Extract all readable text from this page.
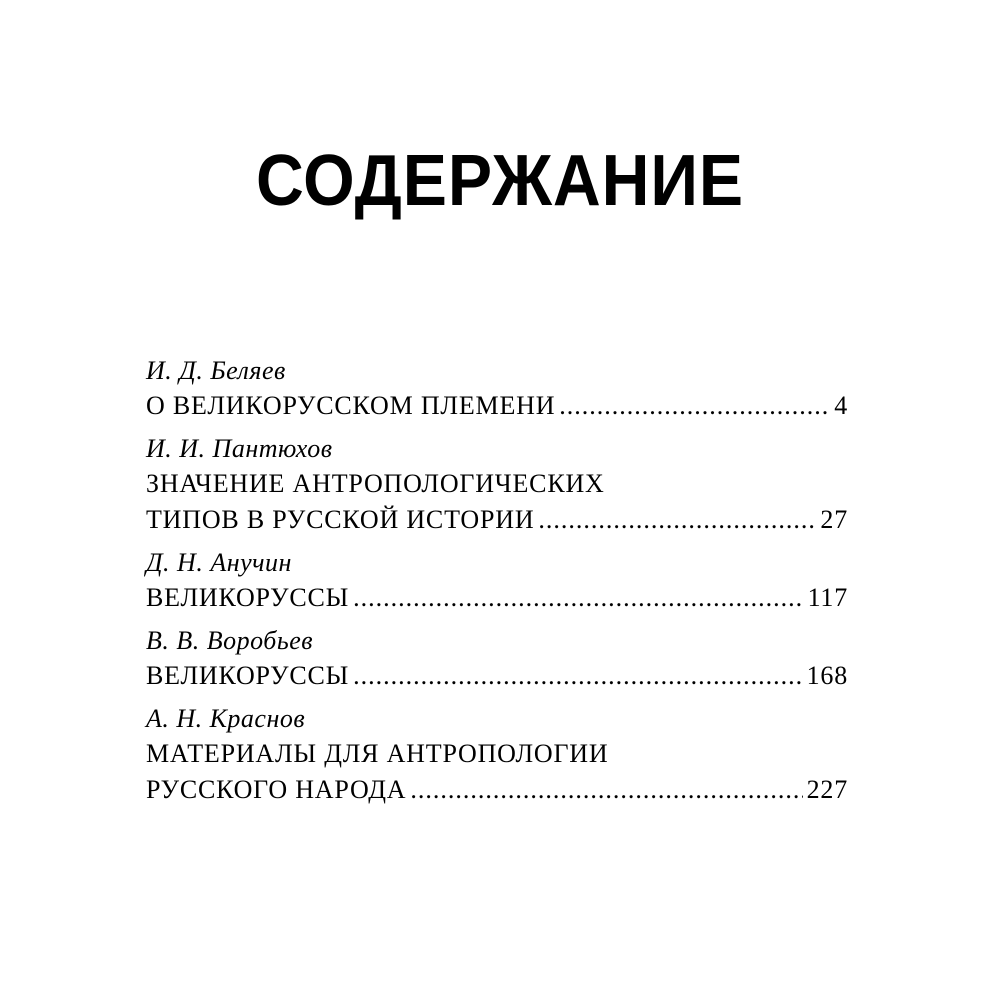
СОДЕРЖАНИЕ
И. Д. Беляев
О ВЕЛИКОРУССКОМ ПЛЕМЕНИ .....	4
И. И. Пантюхов
ЗНАЧЕНИЕ АНТРОПОЛОГИЧЕСКИХ
ТИПОВ В РУССКОЙ ИСТОРИИ .....	27
Д. Н. Анучин
ВЕЛИКОРУССЫ .....	117
В. В. Воробьев
ВЕЛИКОРУССЫ .....	168
А. Н. Краснов
МАТЕРИАЛЫ ДЛЯ АНТРОПОЛОГИИ
РУССКОГО НАРОДА .....	227
